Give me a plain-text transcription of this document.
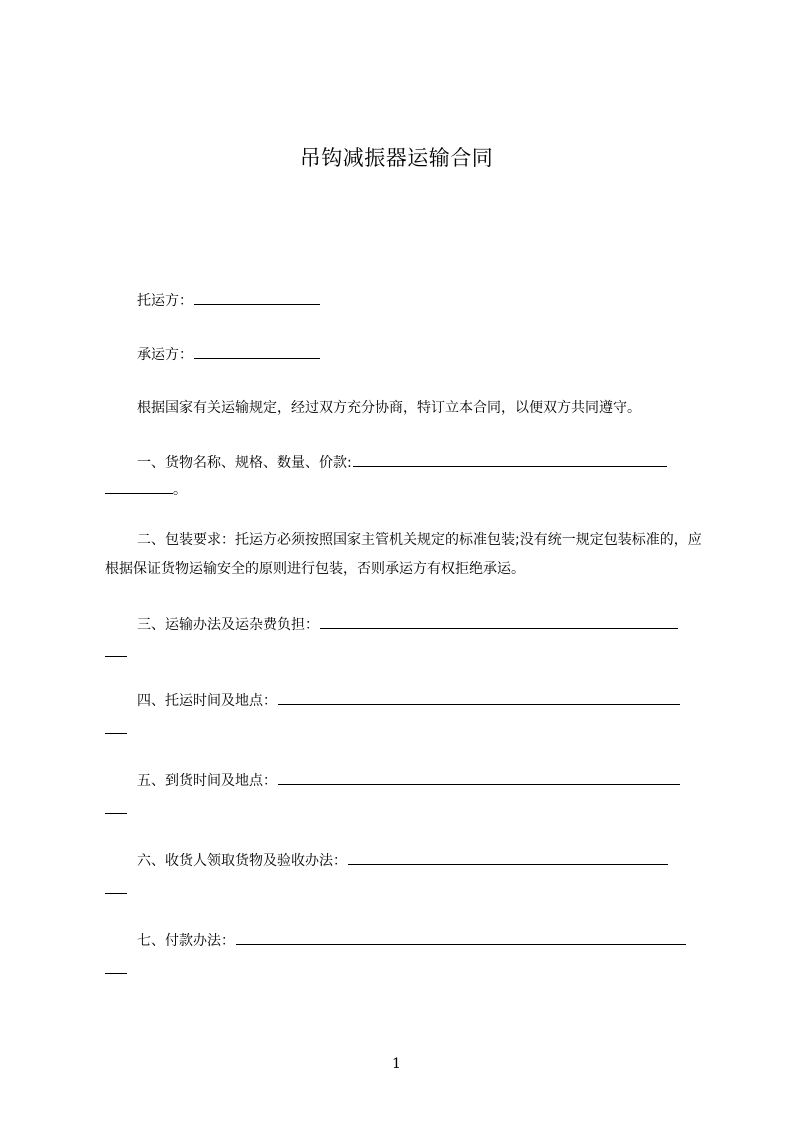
吊钩减振器运输合同
托运方：
承运方：
根据国家有关运输规定，经过双方充分协商，特订立本合同，以便双方共同遵守。
一、货物名称、规格、数量、价款:
。
二、包装要求：托运方必须按照国家主管机关规定的标准包装;没有统一规定包装标准的，应根据保证货物运输安全的原则进行包装，否则承运方有权拒绝承运。
三、运输办法及运杂费负担：
四、托运时间及地点：
五、到货时间及地点：
六、收货人领取货物及验收办法：
七、付款办法：
1
